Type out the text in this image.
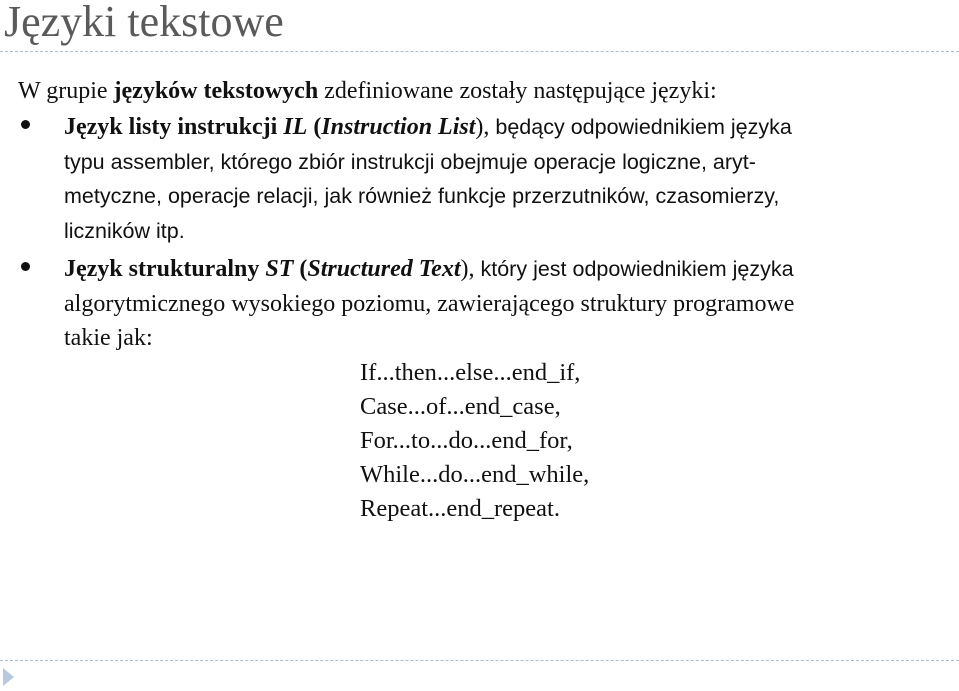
Języki tekstowe

W grupie języków tekstowych zdefiniowane zostały następujące języki:

Język listy instrukcji IL (Instruction List), będący odpowiednikiem języka
typu assembler, którego zbiór instrukcji obejmuje operacje logiczne, aryt-
metyczne, operacje relacji, jak również funkcje przerzutników, czasomierzy,
liczników itp.

Język strukturalny ST (Structured Text), który jest odpowiednikiem języka
algorytmicznego wysokiego poziomu, zawierającego struktury programowe
takie jak:

If...then...else...end_if,
Case...of...end_case,
For...to...do...end_for,
While...do...end_while,
Repeat...end_repeat.
